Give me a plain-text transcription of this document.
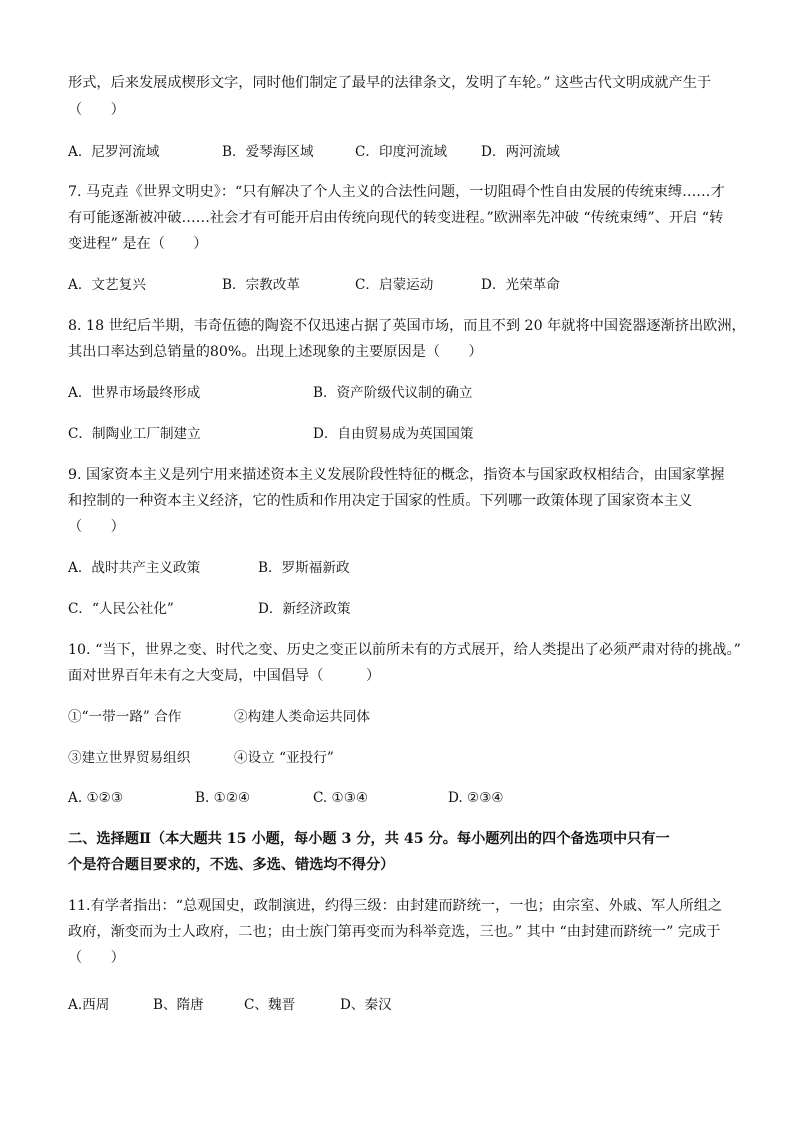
形式，后来发展成楔形文字，同时他们制定了最早的法律条文，发明了车轮。” 这些古代文明成就产生于
（　　）
A．尼罗河流域	B．爱琴海区域	C．印度河流域	D．两河流域
7. 马克垚《世界文明史》：“只有解决了个人主义的合法性问题，一切阻碍个性自由发展的传统束缚……才
有可能逐渐被冲破……社会才有可能开启由传统向现代的转变进程。”欧洲率先冲破 “传统束缚”、开启 “转
变进程” 是在（　　）
A．文艺复兴	B．宗教改革	C．启蒙运动	D．光荣革命
8. 18 世纪后半期，韦奇伍德的陶瓷不仅迅速占据了英国市场，而且不到 20 年就将中国瓷器逐渐挤出欧洲，
其出口率达到总销量的80%。出现上述现象的主要原因是（　　）
A．世界市场最终形成	B．资产阶级代议制的确立
C．制陶业工厂制建立	D．自由贸易成为英国国策
9. 国家资本主义是列宁用来描述资本主义发展阶段性特征的概念，指资本与国家政权相结合，由国家掌握
和控制的一种资本主义经济，它的性质和作用决定于国家的性质。下列哪一政策体现了国家资本主义
（　　）
A．战时共产主义政策	B．罗斯福新政
C．“人民公社化”	D．新经济政策
10. “当下，世界之变、时代之变、历史之变正以前所未有的方式展开，给人类提出了必须严肃对待的挑战。”
面对世界百年未有之大变局，中国倡导（　　　）
①“一带一路” 合作	②构建人类命运共同体
③建立世界贸易组织	④设立 “亚投行”
A. ①②③	B. ①②④	C. ①③④	D. ②③④
二、选择题Ⅱ（本大题共 15 小题，每小题 3 分，共 45 分。每小题列出的四个备选项中只有一
个是符合题目要求的，不选、多选、错选均不得分）
11.有学者指出：“总观国史，政制演进，约得三级：由封建而跻统一，一也；由宗室、外戚、军人所组之
政府，渐变而为士人政府，二也；由士族门第再变而为科举竞选，三也。” 其中 “由封建而跻统一” 完成于
（　　）
A.西周	B、隋唐	C、魏晋	D、秦汉
